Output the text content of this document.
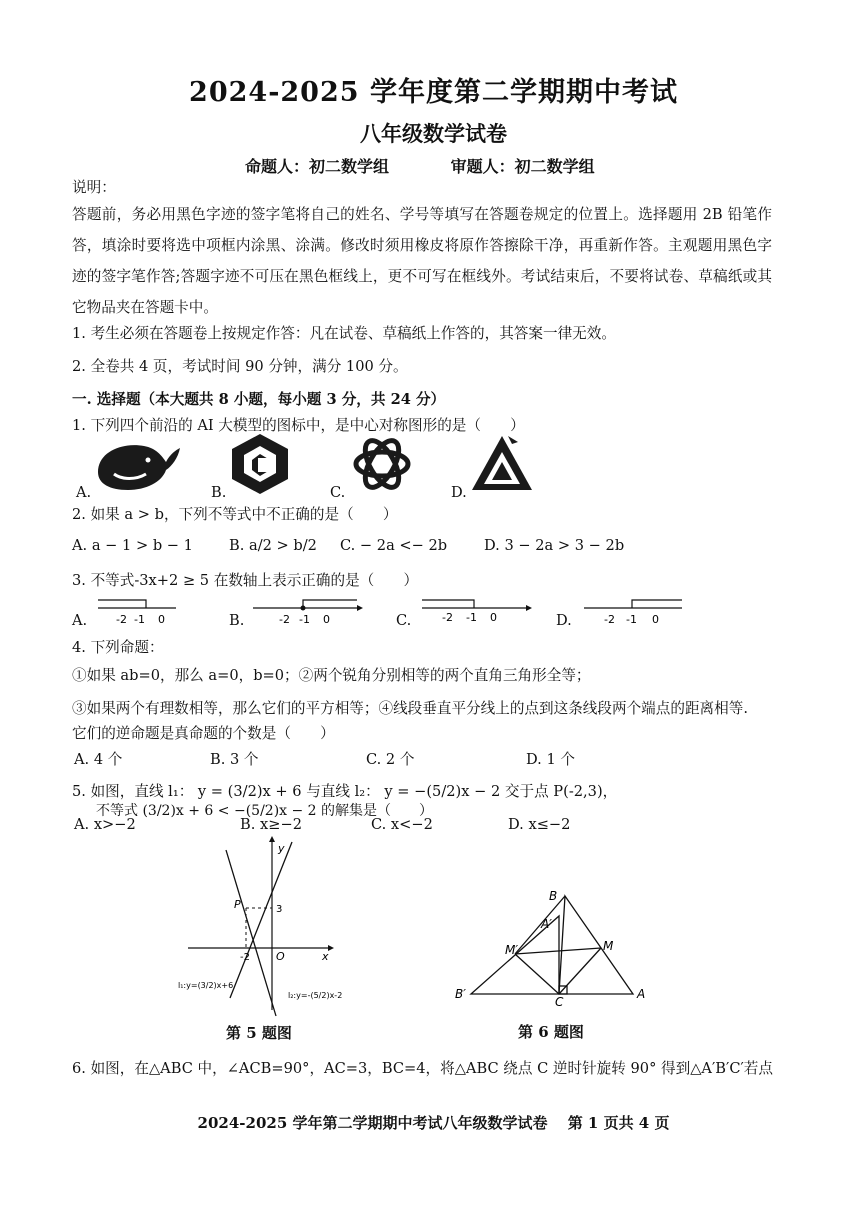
2024-2025 学年度第二学期期中考试
八年级数学试卷
命题人：初二数学组	审题人：初二数学组
说明：
答题前，务必用黑色字迹的签字笔将自己的姓名、学号等填写在答题卷规定的位置上。选择题用 2B 铅笔作答，填涂时要将选中项框内涂黑、涂满。修改时须用橡皮将原作答擦除干净，再重新作答。主观题用黑色字迹的签字笔作答;答题字迹不可压在黑色框线上，更不可写在框线外。考试结束后，不要将试卷、草稿纸或其它物品夹在答题卡中。
1. 考生必须在答题卷上按规定作答：凡在试卷、草稿纸上作答的，其答案一律无效。
2. 全卷共 4 页，考试时间 90 分钟，满分 100 分。
一. 选择题（本大题共 8 小题，每小题 3 分，共 24 分）
1. 下列四个前沿的 AI 大模型的图标中，是中心对称图形的是（　　）
A.	B.	C.	D.
2. 如果 a > b，下列不等式中不正确的是（　　）
A. a − 1 > b − 1 B. a/2 > b/2 C. − 2a <− 2b	D. 3 − 2a > 3 − 2b
3. 不等式-3x+2 ≥ 5 在数轴上表示正确的是（　　）
A.	B.	C.	D.
-2 -1 0	-2 -1 0	-2 -1 0	-2 -1 0
4. 下列命题：
①如果 ab=0，那么 a=0，b=0；②两个锐角分别相等的两个直角三角形全等；
③如果两个有理数相等，那么它们的平方相等；④线段垂直平分线上的点到这条线段两个端点的距离相等.
它们的逆命题是真命题的个数是（　　）
A. 4 个	B. 3 个	C. 2 个	D. 1 个
5. 如图，直线 l₁： y = (3/2)x + 6 与直线 l₂： y = −(5/2)x − 2 交于点 P(-2,3)，
不等式 (3/2)x + 6 < −(5/2)x − 2 的解集是（　　）
A. x>−2	B. x≥−2	C. x<−2	D. x≤−2
P
y
x
O
3
-2
l₁:y=(3/2)x+6
l₂:y=-(5/2)x-2
第 5 题图
B
A′
M′	M
B′
C
A
第 6 题图
6. 如图，在△ABC 中，∠ACB=90°，AC=3，BC=4，将△ABC 绕点 C 逆时针旋转 90° 得到△A′B′C′若点
2024-2025 学年第二学期期中考试八年级数学试卷　 第 1 页共 4 页
